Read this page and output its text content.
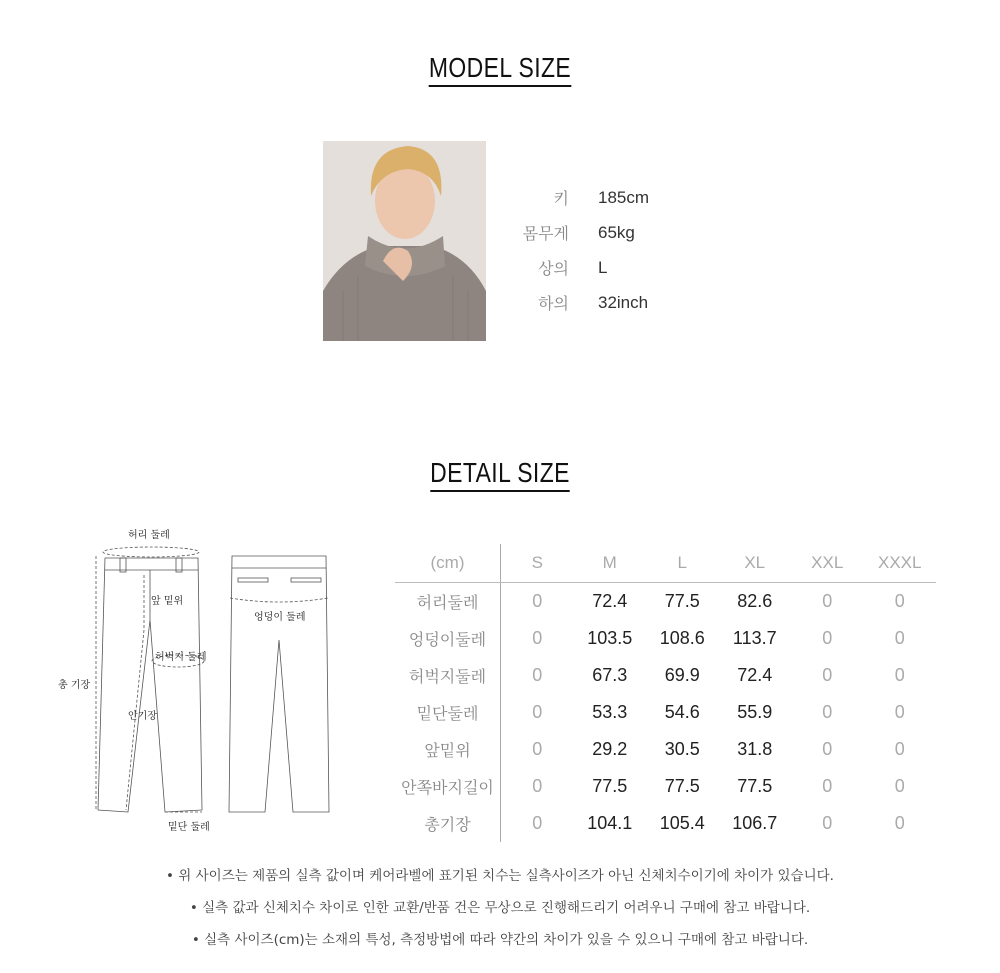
MODEL SIZE
키 185cm
몸무게 65kg
상의 L
하의 32inch
DETAIL SIZE
허리 둘레
앞 밑위
엉덩이 둘레
허벅지 둘레
총 기장
안기장
밑단 둘레
(cm)	S	M	L	XL	XXL	XXXL
허리둘레	0	72.4	77.5	82.6	0	0
엉덩이둘레	0	103.5	108.6	113.7	0	0
허벅지둘레	0	67.3	69.9	72.4	0	0
밑단둘레	0	53.3	54.6	55.9	0	0
앞밑위	0	29.2	30.5	31.8	0	0
안쪽바지길이	0	77.5	77.5	77.5	0	0
총기장	0	104.1	105.4	106.7	0	0
• 위 사이즈는 제품의 실측 값이며 케어라벨에 표기된 치수는 실측사이즈가 아닌 신체치수이기에 차이가 있습니다.
• 실측 값과 신체치수 차이로 인한 교환/반품 건은 무상으로 진행해드리기 어려우니 구매에 참고 바랍니다.
• 실측 사이즈(cm)는 소재의 특성, 측정방법에 따라 약간의 차이가 있을 수 있으니 구매에 참고 바랍니다.
